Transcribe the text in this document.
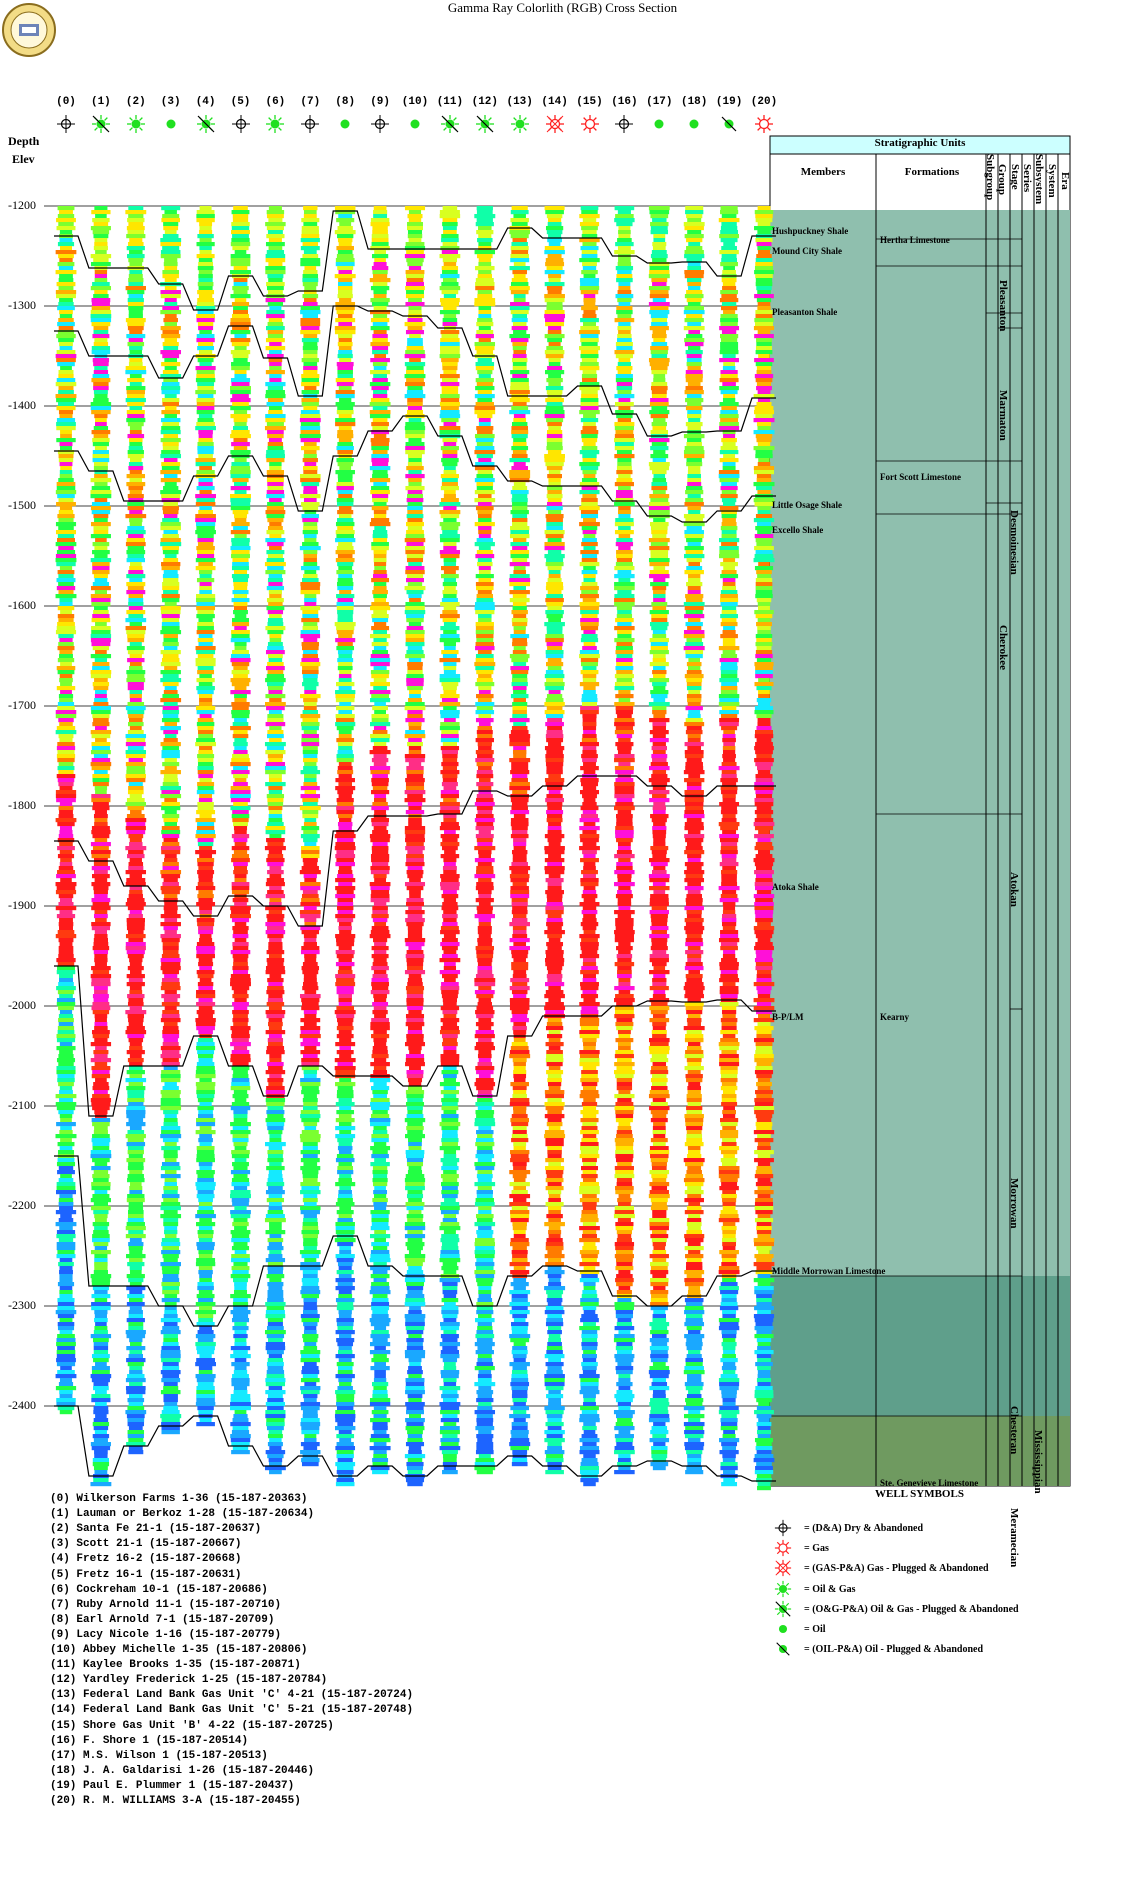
Gamma Ray Colorlith (RGB) Cross Section
(0) (1) (2) (3) (4) (5) (6) (7) (8) (9) (10) (11) (12) (13) (14) (15) (16) (17) (18) (19) (20)
Depth
Elev
-1200
-1300
-1400
-1500
-1600
-1700
-1800
-1900
-2000
-2100
-2200
-2300
-2400
Stratigraphic Units
Members	Formations	Subgroup Group Stage Series Subsystem System Era
Hushpuckney Shale
Mound City Shale
Pleasanton Shale
Little Osage Shale
Excello Shale
Atoka Shale
B-P/LM
Middle Morrowan Limestone
Hertha Limestone
Fort Scott Limestone
Kearny
Ste. Genevieve Limestone
Pleasanton
Marmaton
Cherokee
Desmoinesian
Atokan
Morrowan
Chesteran
Meramecian
Mississippian
(0) Wilkerson Farms 1-36 (15-187-20363)
(1) Lauman or Berkoz 1-28 (15-187-20634)
(2) Santa Fe 21-1 (15-187-20637)
(3) Scott 21-1 (15-187-20667)
(4) Fretz 16-2 (15-187-20668)
(5) Fretz 16-1 (15-187-20631)
(6) Cockreham 10-1 (15-187-20686)
(7) Ruby Arnold 11-1 (15-187-20710)
(8) Earl Arnold 7-1 (15-187-20709)
(9) Lacy Nicole 1-16 (15-187-20779)
(10) Abbey Michelle 1-35 (15-187-20806)
(11) Kaylee Brooks 1-35 (15-187-20871)
(12) Yardley Frederick 1-25 (15-187-20784)
(13) Federal Land Bank Gas Unit 'C' 4-21 (15-187-20724)
(14) Federal Land Bank Gas Unit 'C' 5-21 (15-187-20748)
(15) Shore Gas Unit 'B' 4-22 (15-187-20725)
(16) F. Shore 1 (15-187-20514)
(17) M.S. Wilson 1 (15-187-20513)
(18) J. A. Galdarisi 1-26 (15-187-20446)
(19) Paul E. Plummer 1 (15-187-20437)
(20) R. M. WILLIAMS 3-A (15-187-20455)
WELL SYMBOLS
= (D&A) Dry & Abandoned
= Gas
= (GAS-P&A) Gas - Plugged & Abandoned
= Oil & Gas
= (O&G-P&A) Oil & Gas - Plugged & Abandoned
= Oil
= (OIL-P&A) Oil - Plugged & Abandoned
